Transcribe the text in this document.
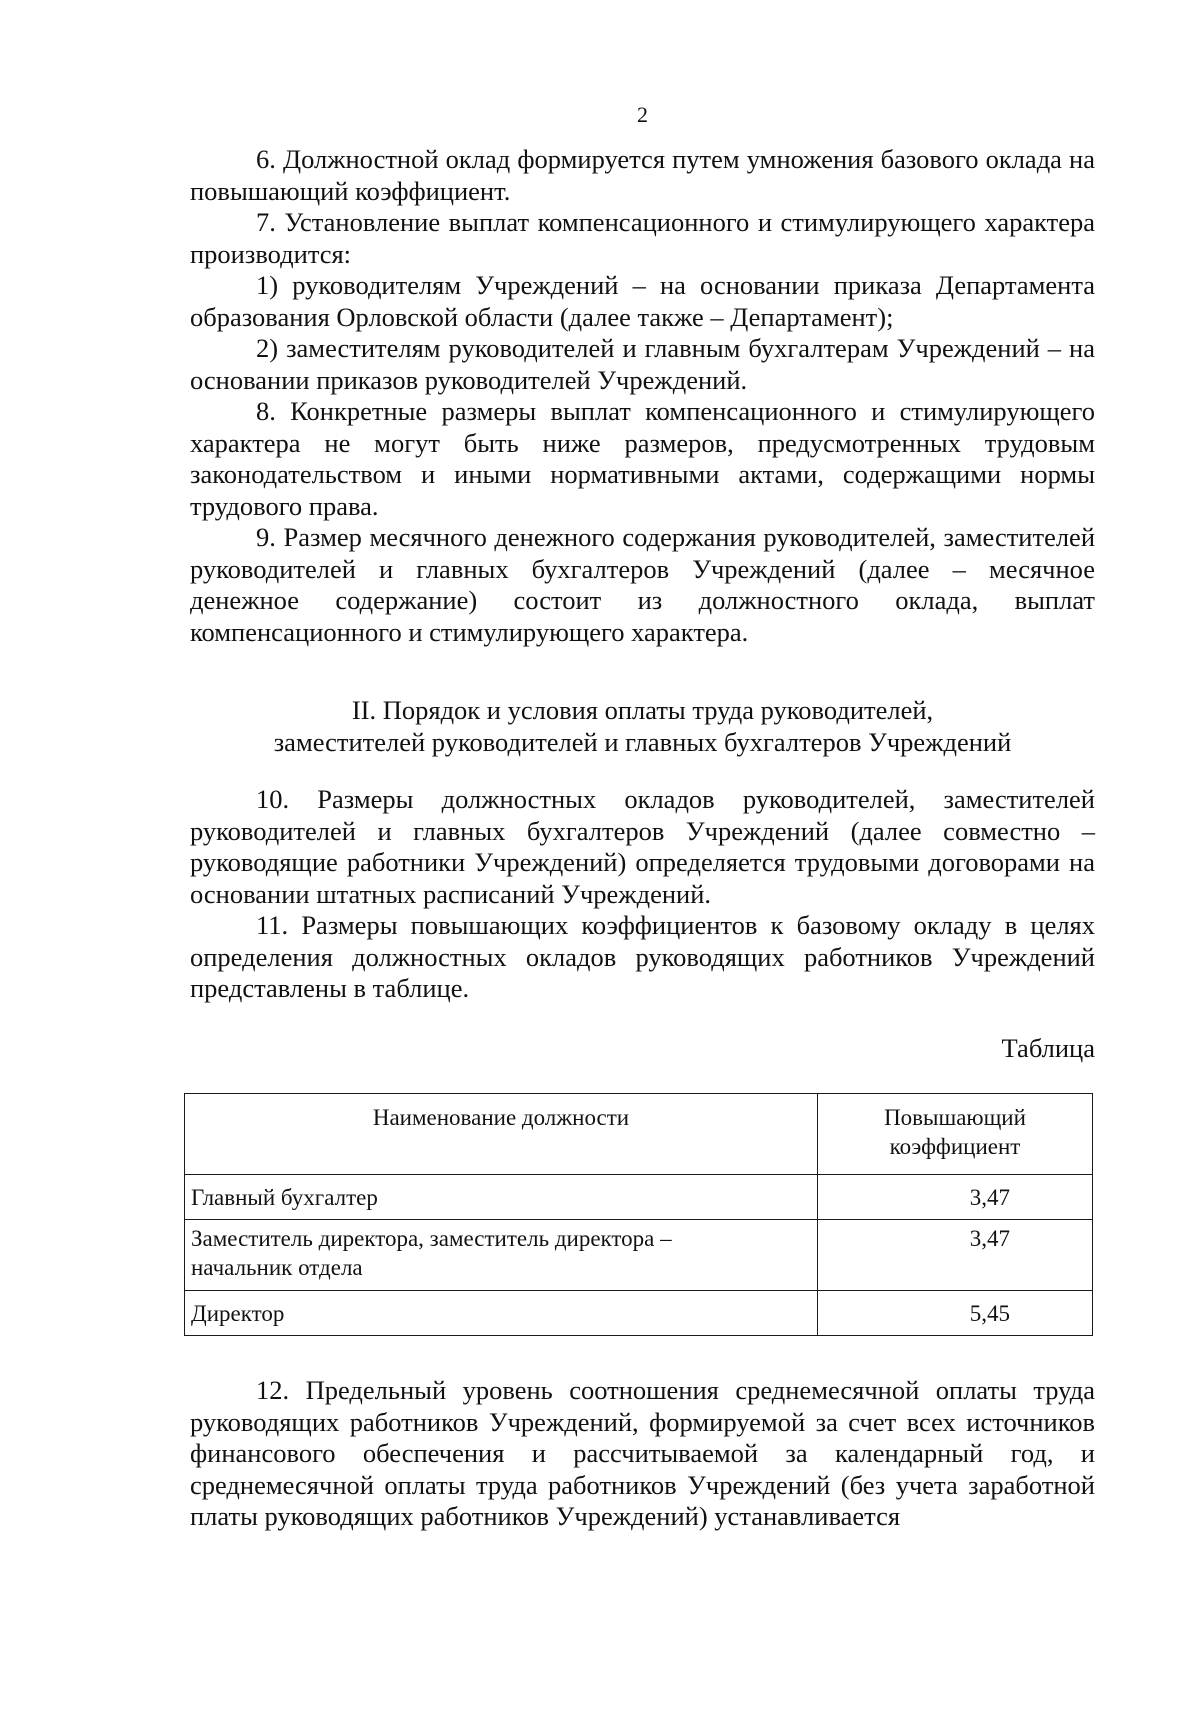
2

6. Должностной оклад формируется путем умножения базового оклада на повышающий коэффициент.

7. Установление выплат компенсационного и стимулирующего характера производится:

1) руководителям Учреждений – на основании приказа Департамента образования Орловской области (далее также – Департамент);

2) заместителям руководителей и главным бухгалтерам Учреждений – на основании приказов руководителей Учреждений.

8. Конкретные размеры выплат компенсационного и стимулирующего характера не могут быть ниже размеров, предусмотренных трудовым законодательством и иными нормативными актами, содержащими нормы трудового права.

9. Размер месячного денежного содержания руководителей, заместителей руководителей и главных бухгалтеров Учреждений (далее – месячное денежное содержание) состоит из должностного оклада, выплат компенсационного и стимулирующего характера.

II. Порядок и условия оплаты труда руководителей,
заместителей руководителей и главных бухгалтеров Учреждений

10. Размеры должностных окладов руководителей, заместителей руководителей и главных бухгалтеров Учреждений (далее совместно – руководящие работники Учреждений) определяется трудовыми договорами на основании штатных расписаний Учреждений.

11. Размеры повышающих коэффициентов к базовому окладу в целях определения должностных окладов руководящих работников Учреждений представлены в таблице.

Таблица
Наименование должности	Повышающий коэффициент

Главный бухгалтер	3,47

Заместитель директора, заместитель директора – начальник отдела	3,47
Директор	5,45

12. Предельный уровень соотношения среднемесячной оплаты труда руководящих работников Учреждений, формируемой за счет всех источников финансового обеспечения и рассчитываемой за календарный год, и среднемесячной оплаты труда работников Учреждений (без учета заработной платы руководящих работников Учреждений) устанавливается
